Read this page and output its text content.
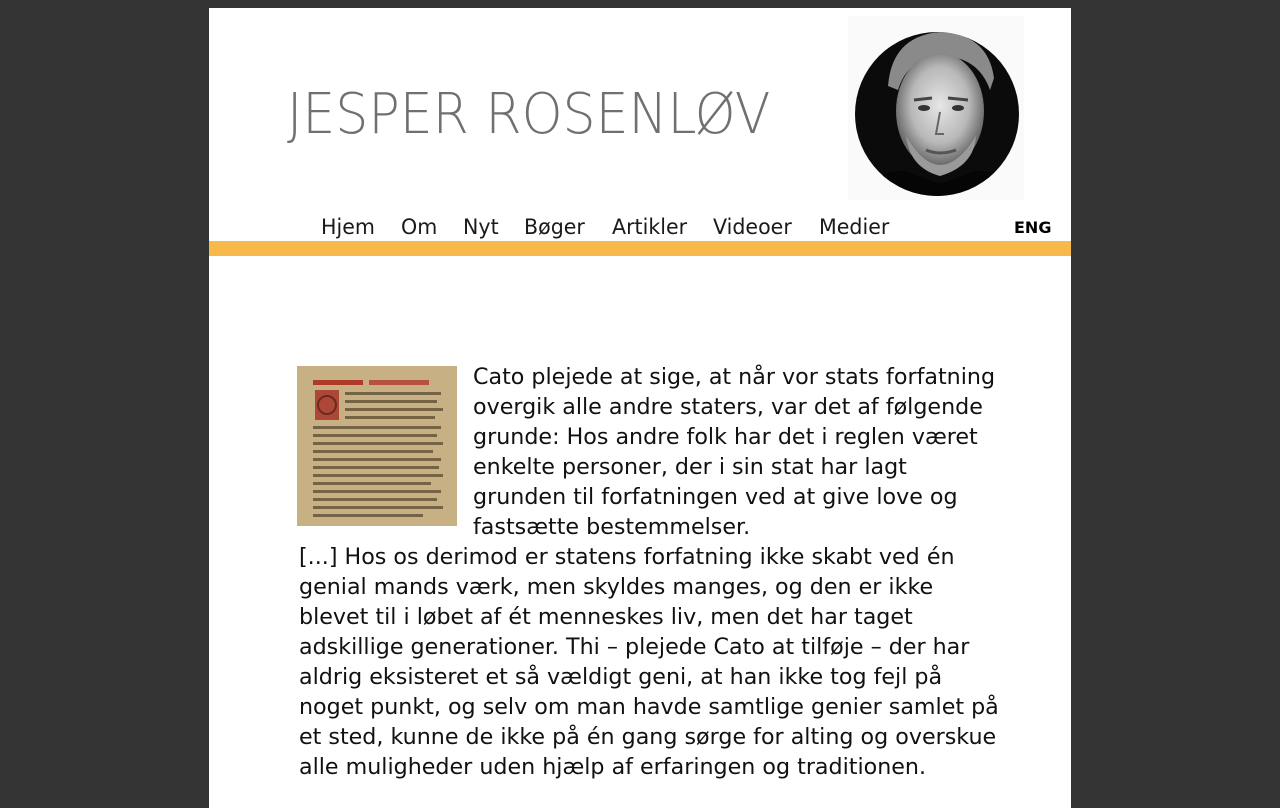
JESPER ROSENLØV
Hjem Om Nyt Bøger Artikler Videoer Medier	ENG

Cato plejede at sige, at når vor stats forfatning overgik alle andre staters, var det af følgende grunde: Hos andre folk har det i reglen været enkelte personer, der i sin stat har lagt grunden til forfatningen ved at give love og fastsætte bestemmelser.

[...] Hos os derimod er statens forfatning ikke skabt ved én genial mands værk, men skyldes manges, og den er ikke blevet til i løbet af ét menneskes liv, men det har taget adskillige generationer. Thi – plejede Cato at tilføje – der har aldrig eksisteret et så vældigt geni, at han ikke tog fejl på noget punkt, og selv om man havde samtlige genier samlet på et sted, kunne de ikke på én gang sørge for alting og overskue alle muligheder uden hjælp af erfaringen og traditionen.
